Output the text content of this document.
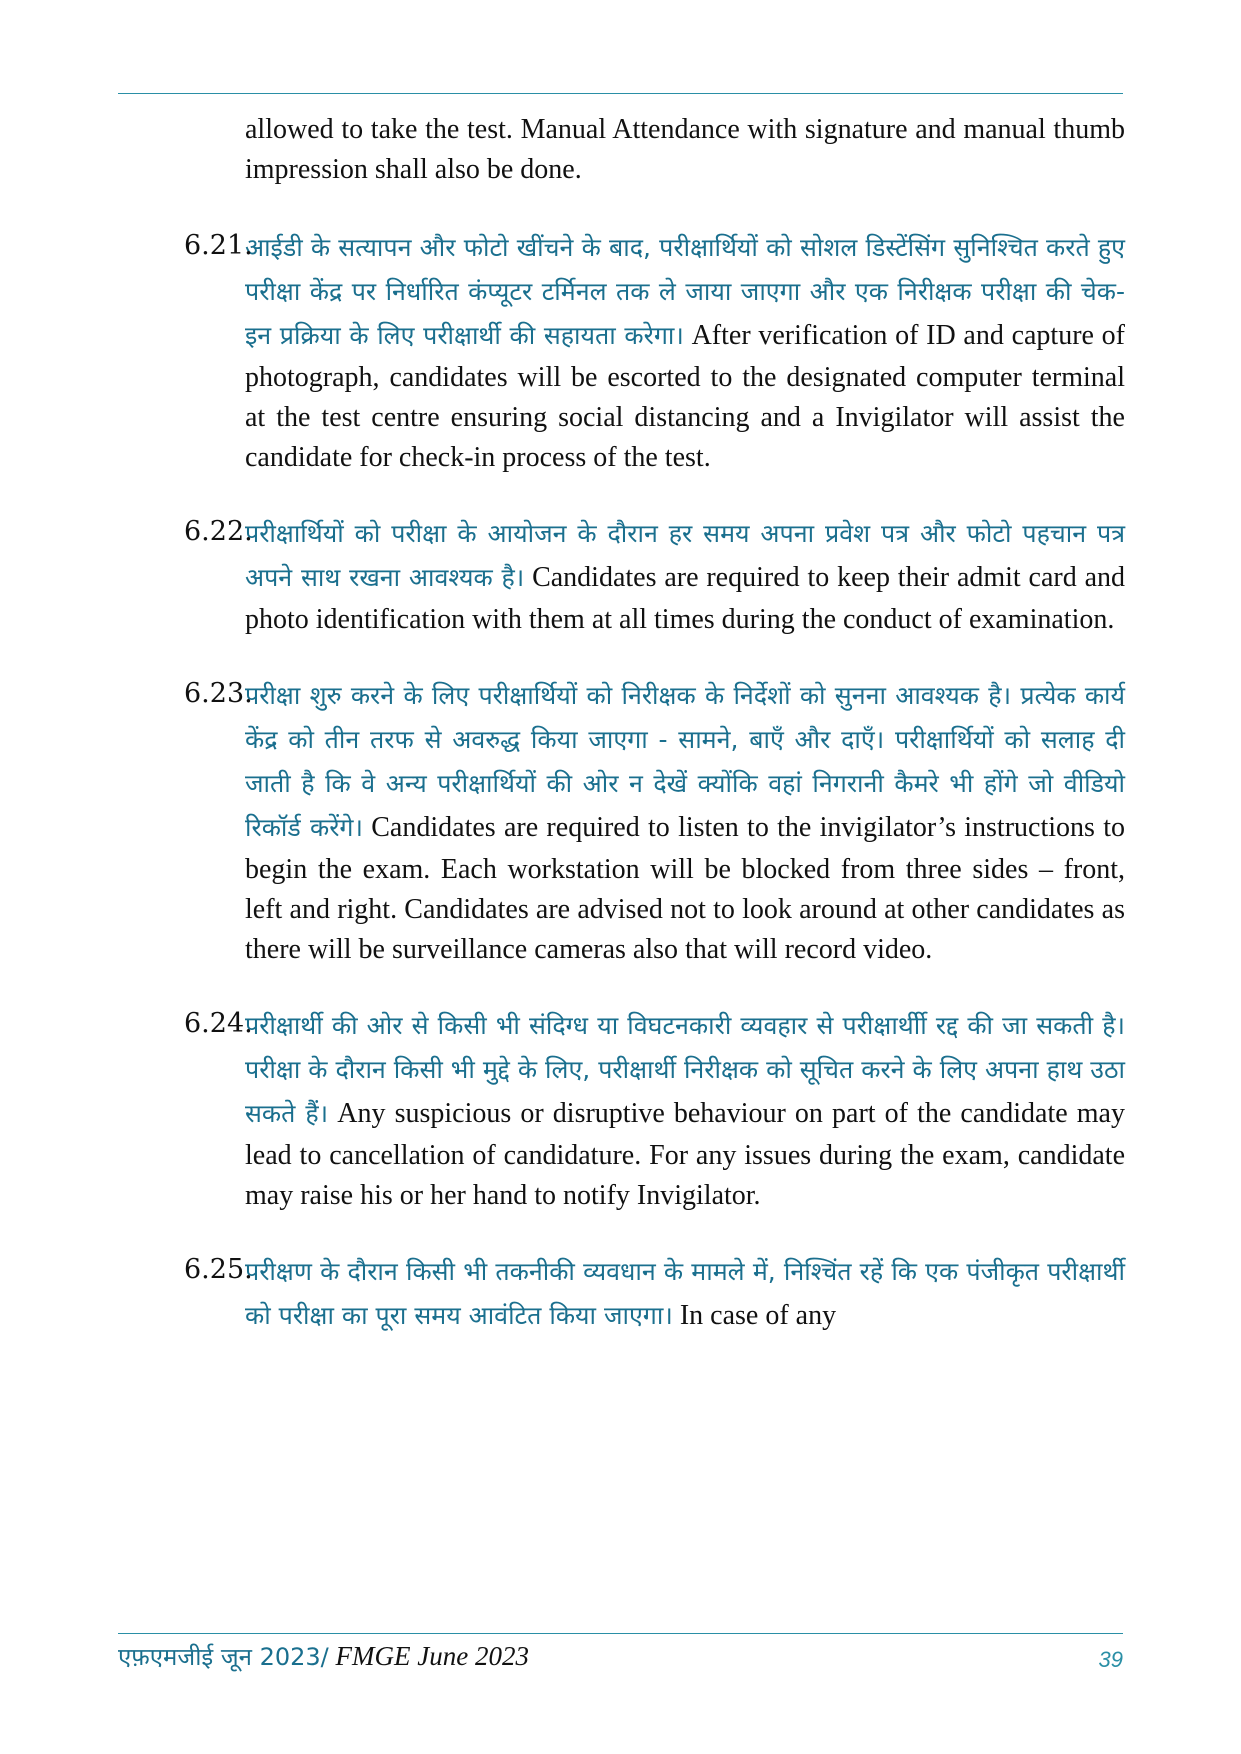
allowed to take the test. Manual Attendance with signature and manual thumb impression shall also be done.
6.21.
आईडी के सत्यापन और फोटो खींचने के बाद, परीक्षार्थियों को सोशल डिस्टेंसिंग सुनिश्चित करते हुए परीक्षा केंद्र पर निर्धारित कंप्यूटर टर्मिनल तक ले जाया जाएगा और एक निरीक्षक परीक्षा की चेक-इन प्रक्रिया के लिए परीक्षार्थी की सहायता करेगा। After verification of ID and capture of photograph, candidates will be escorted to the designated computer terminal at the test centre ensuring social distancing and a Invigilator will assist the candidate for check-in process of the test.
6.22.
परीक्षार्थियों को परीक्षा के आयोजन के दौरान हर समय अपना प्रवेश पत्र और फोटो पहचान पत्र अपने साथ रखना आवश्यक है। Candidates are required to keep their admit card and photo identification with them at all times during the conduct of examination.
6.23.
परीक्षा शुरु करने के लिए परीक्षार्थियों को निरीक्षक के निर्देशों को सुनना आवश्यक है। प्रत्येक कार्य केंद्र को तीन तरफ से अवरुद्ध किया जाएगा - सामने, बाएँ और दाएँ। परीक्षार्थियों को सलाह दी जाती है कि वे अन्य परीक्षार्थियों की ओर न देखें क्योंकि वहां निगरानी कैमरे भी होंगे जो वीडियो रिकॉर्ड करेंगे। Candidates are required to listen to the invigilator’s instructions to begin the exam. Each workstation will be blocked from three sides – front, left and right. Candidates are advised not to look around at other candidates as there will be surveillance cameras also that will record video.
6.24.
परीक्षार्थी की ओर से किसी भी संदिग्ध या विघटनकारी व्यवहार से परीक्षार्थीी रद्द की जा सकती है। परीक्षा के दौरान किसी भी मुद्दे के लिए, परीक्षार्थी निरीक्षक को सूचित करने के लिए अपना हाथ उठा सकते हैं। Any suspicious or disruptive behaviour on part of the candidate may lead to cancellation of candidature. For any issues during the exam, candidate may raise his or her hand to notify Invigilator.
6.25.
परीक्षण के दौरान किसी भी तकनीकी व्यवधान के मामले में, निश्चिंत रहें कि एक पंजीकृत परीक्षार्थी को परीक्षा का पूरा समय आवंटित किया जाएगा। In case of any
एफ़एमजीई जून 2023/ FMGE June 2023	39
